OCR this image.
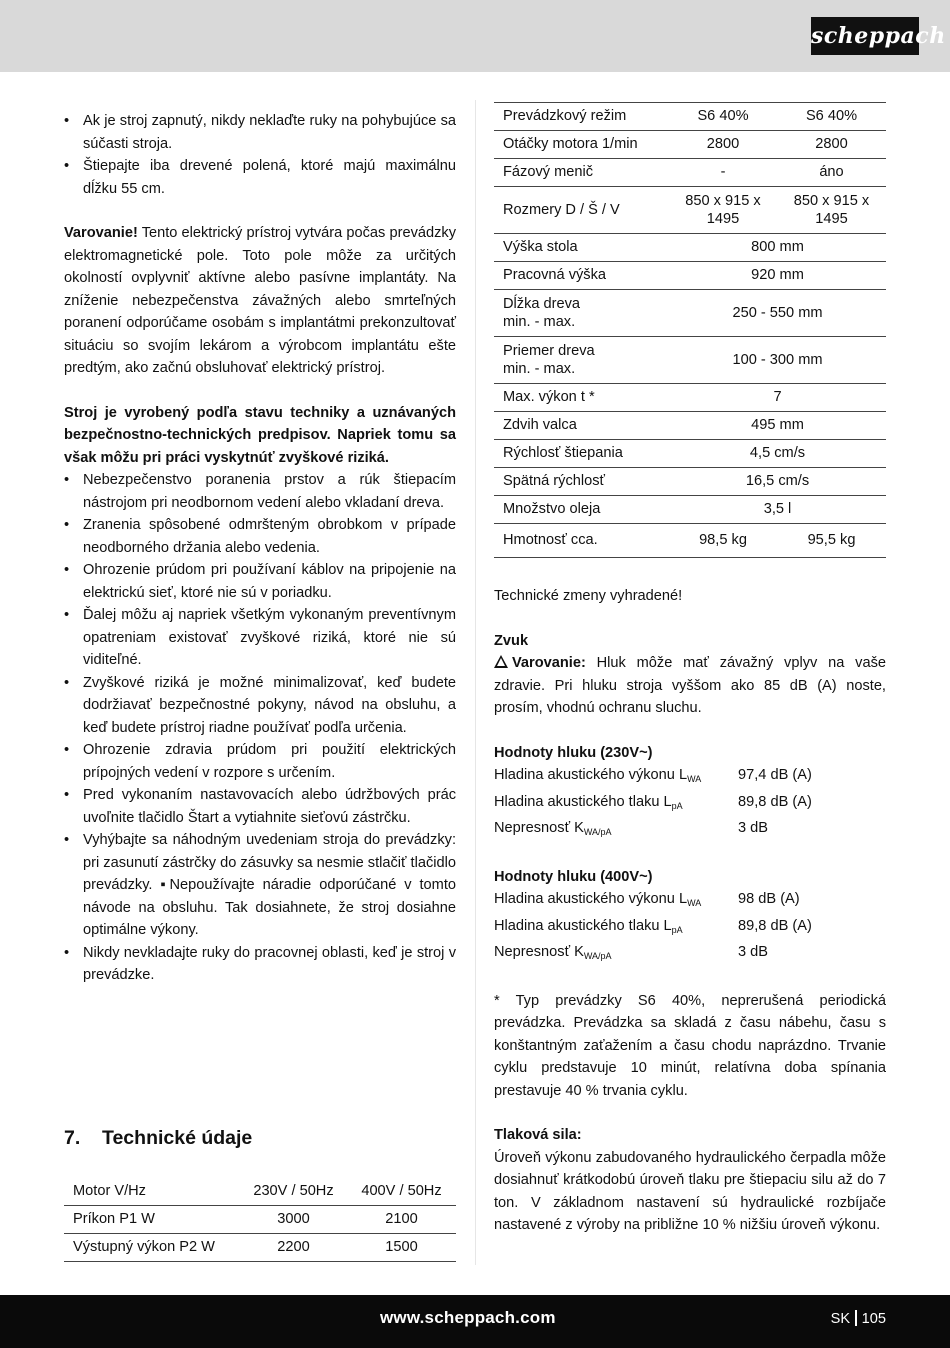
scheppach
• Ak je stroj zapnutý, nikdy neklaďte ruky na pohybujúce sa súčasti stroja.
• Štiepajte iba drevené polená, ktoré majú maximálnu dĺžku 55 cm.

Varovanie! Tento elektrický prístroj vytvára počas prevádzky elektromagnetické pole. Toto pole môže za určitých okolností ovplyvniť aktívne alebo pasívne implantáty. Na zníženie nebezpečenstva závažných alebo smrteľných poranení odporúčame osobám s implantátmi prekonzultovať situáciu so svojím lekárom a výrobcom implantátu ešte predtým, ako začnú obsluhovať elektrický prístroj.

Stroj je vyrobený podľa stavu techniky a uznávaných bezpečnostno-technických predpisov. Napriek tomu sa však môžu pri práci vyskytnúť zvyškové riziká.

• Nebezpečenstvo poranenia prstov a rúk štiepacím nástrojom pri neodbornom vedení alebo vkladaní dreva.
• Zranenia spôsobené odmršteným obrobkom v prípade neodborného držania alebo vedenia.
• Ohrozenie prúdom pri používaní káblov na pripojenie na elektrickú sieť, ktoré nie sú v poriadku.
• Ďalej môžu aj napriek všetkým vykonaným preventívnym opatreniam existovať zvyškové riziká, ktoré nie sú viditeľné.
• Zvyškové riziká je možné minimalizovať, keď budete dodržiavať bezpečnostné pokyny, návod na obsluhu, a keď budete prístroj riadne používať podľa určenia.
• Ohrozenie zdravia prúdom pri použití elektrických prípojných vedení v rozpore s určením.
• Pred vykonaním nastavovacích alebo údržbových prác uvoľnite tlačidlo Štart a vytiahnite sieťovú zástrčku.
• Vyhýbajte sa náhodným uvedeniam stroja do prevádzky: pri zasunutí zástrčky do zásuvky sa nesmie stlačiť tlačidlo prevádzky. ▪Nepoužívajte náradie odporúčané v tomto návode na obsluhu. Tak dosiahnete, že stroj dosiahne optimálne výkony.
• Nikdy nevkladajte ruky do pracovnej oblasti, keď je stroj v prevádzke.
7. Technické údaje
Motor V/Hz	230V / 50Hz	400V / 50Hz
Príkon P1 W	3000	2100
Výstupný výkon P2 W	2200	1500
Prevádzkový režim	S6 40%	S6 40%
Otáčky motora 1/min	2800	2800
Fázový menič	-	áno
Rozmery D / Š / V	850 x 915 x 1495	850 x 915 x 1495
Výška stola	800 mm	
Pracovná výška	920 mm	
Dĺžka dreva min. - max.	250 - 550 mm	
Priemer dreva min. - max.	100 - 300 mm	
Max. výkon t *	7	
Zdvih valca	495 mm	
Rýchlosť štiepania	4,5 cm/s	
Spätná rýchlosť	16,5 cm/s	
Množstvo oleja	3,5 l	
Hmotnosť cca.	98,5 kg	95,5 kg

Technické zmeny vyhradené!

Zvuk

Varovanie: Hluk môže mať závažný vplyv na vaše zdravie. Pri hluku stroja vyššom ako 85 dB (A) noste, prosím, vhodnú ochranu sluchu.

Hodnoty hluku (230V~)

Hladina akustického výkonu $L_{WA}$	97,4 dB (A)
Hladina akustického tlaku $L_{pA}$	89,8 dB (A)
Nepresnosť $K_{WA/pA}$	3 dB

Hodnoty hluku (400V~)

Hladina akustického výkonu $L_{WA}$	98 dB (A)
Hladina akustického tlaku $L_{pA}$	89,8 dB (A)
Nepresnosť $K_{WA/pA}$	3 dB

* Typ prevádzky S6 40%, neprerušená periodická prevádzka. Prevádzka sa skladá z času nábehu, času s konštantným zaťažením a času chodu naprázdno. Trvanie cyklu predstavuje 10 minút, relatívna doba spínania prestavuje 40 % trvania cyklu.

Tlaková sila:

Úroveň výkonu zabudovaného hydraulického čerpadla môže dosiahnuť krátkodobú úroveň tlaku pre štiepaciu silu až do 7 ton. V základnom nastavení sú hydraulické rozbíjače nastavené z výroby na približne 10 % nižšiu úroveň výkonu.

www.scheppach.com	SK 105
